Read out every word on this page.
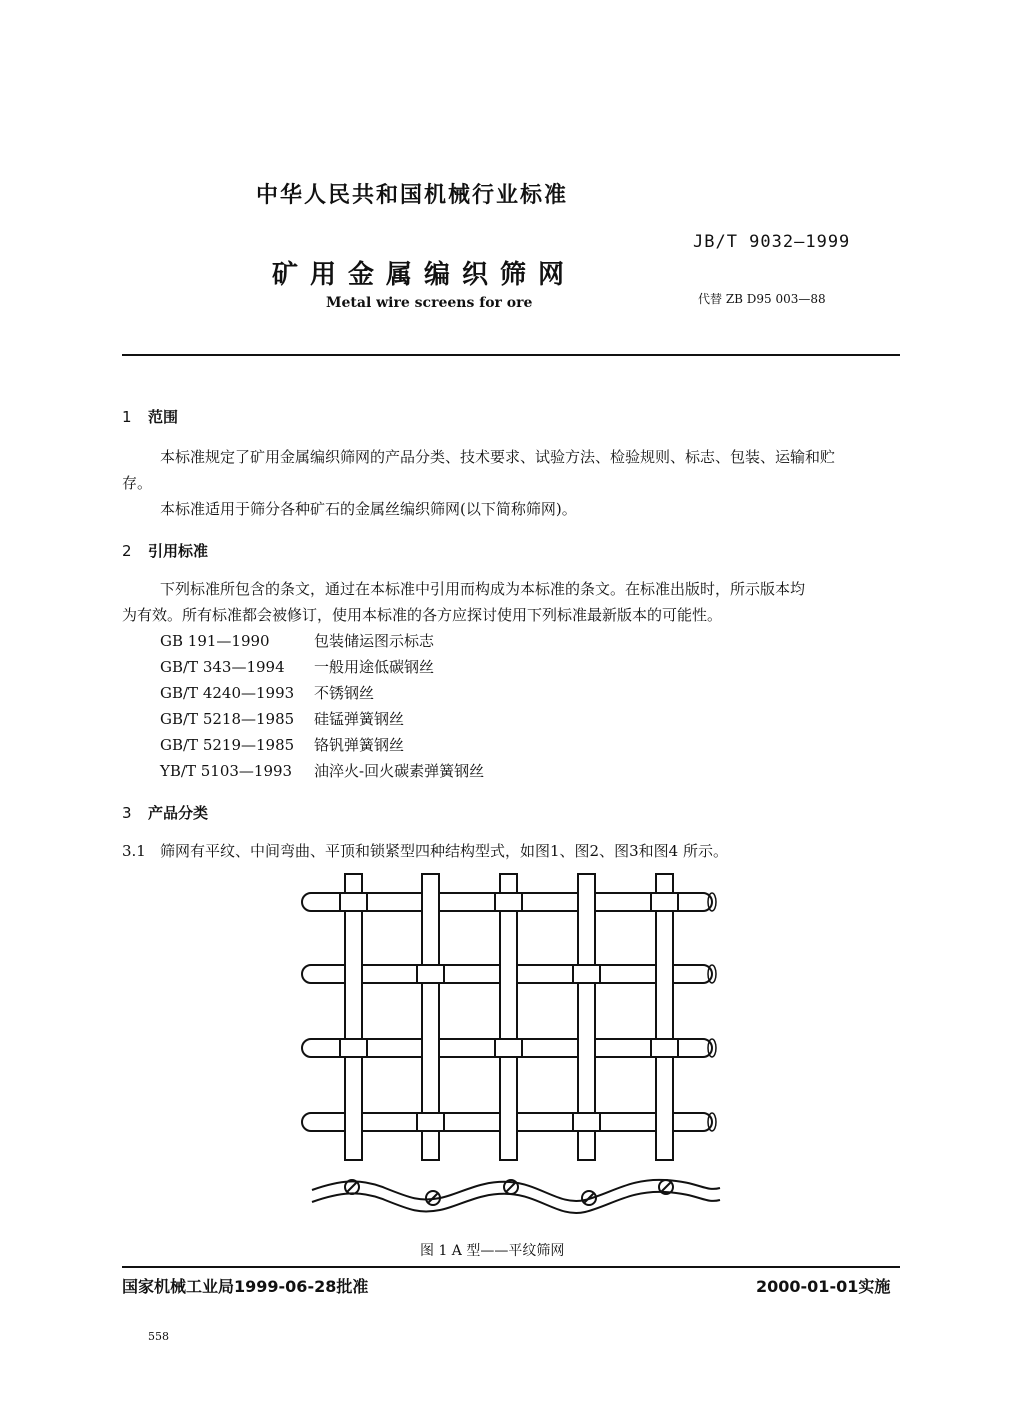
中华人民共和国机械行业标准
JB/T 9032—1999
矿用金属编织筛网
Metal wire screens for ore	代替 ZB D95 003—88
1 范围
本标准规定了矿用金属编织筛网的产品分类、技术要求、试验方法、检验规则、标志、包装、运输和贮
存。
本标准适用于筛分各种矿石的金属丝编织筛网(以下简称筛网)。
2 引用标准
下列标准所包含的条文，通过在本标准中引用而构成为本标准的条文。在标准出版时，所示版本均
为有效。所有标准都会被修订，使用本标准的各方应探讨使用下列标准最新版本的可能性。
GB 191—1990	包装储运图示标志
GB/T 343—1994 一般用途低碳钢丝
GB/T 4240—1993 不锈钢丝
GB/T 5218—1985 硅锰弹簧钢丝
GB/T 5219—1985 铬钒弹簧钢丝
YB/T 5103—1993 油淬火-回火碳素弹簧钢丝
3 产品分类
3.1 筛网有平纹、中间弯曲、平顶和锁紧型四种结构型式，如图1、图2、图3和图4 所示。
图 1 A 型——平纹筛网
国家机械工业局1999-06-28批准	2000-01-01实施
558
